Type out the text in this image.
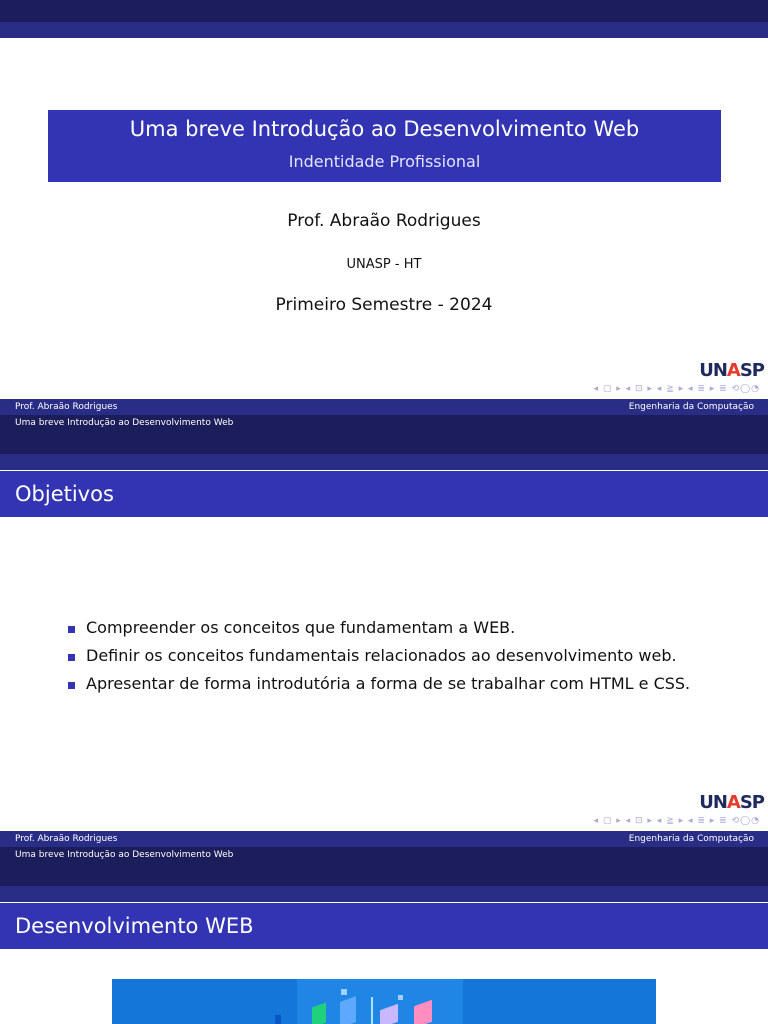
Uma breve Introdução ao Desenvolvimento Web
Indentidade Profissional
Prof. Abraão Rodrigues
UNASP - HT
Primeiro Semestre - 2024
UNASP
◂ ▢ ▸ ◂ ⊡ ▸ ◂ ≧ ▸ ◂ ≣ ▸ ≣ ⟲◯◔
Prof. Abraão Rodrigues	Engenharia da Computação
Uma breve Introdução ao Desenvolvimento Web
Objetivos
Compreender os conceitos que fundamentam a WEB.
Definir os conceitos fundamentais relacionados ao desenvolvimento web.
Apresentar de forma introdutória a forma de se trabalhar com HTML e CSS.
UNASP
◂ ▢ ▸ ◂ ⊡ ▸ ◂ ≧ ▸ ◂ ≣ ▸ ≣ ⟲◯◔
Prof. Abraão Rodrigues	Engenharia da Computação
Uma breve Introdução ao Desenvolvimento Web
Desenvolvimento WEB
